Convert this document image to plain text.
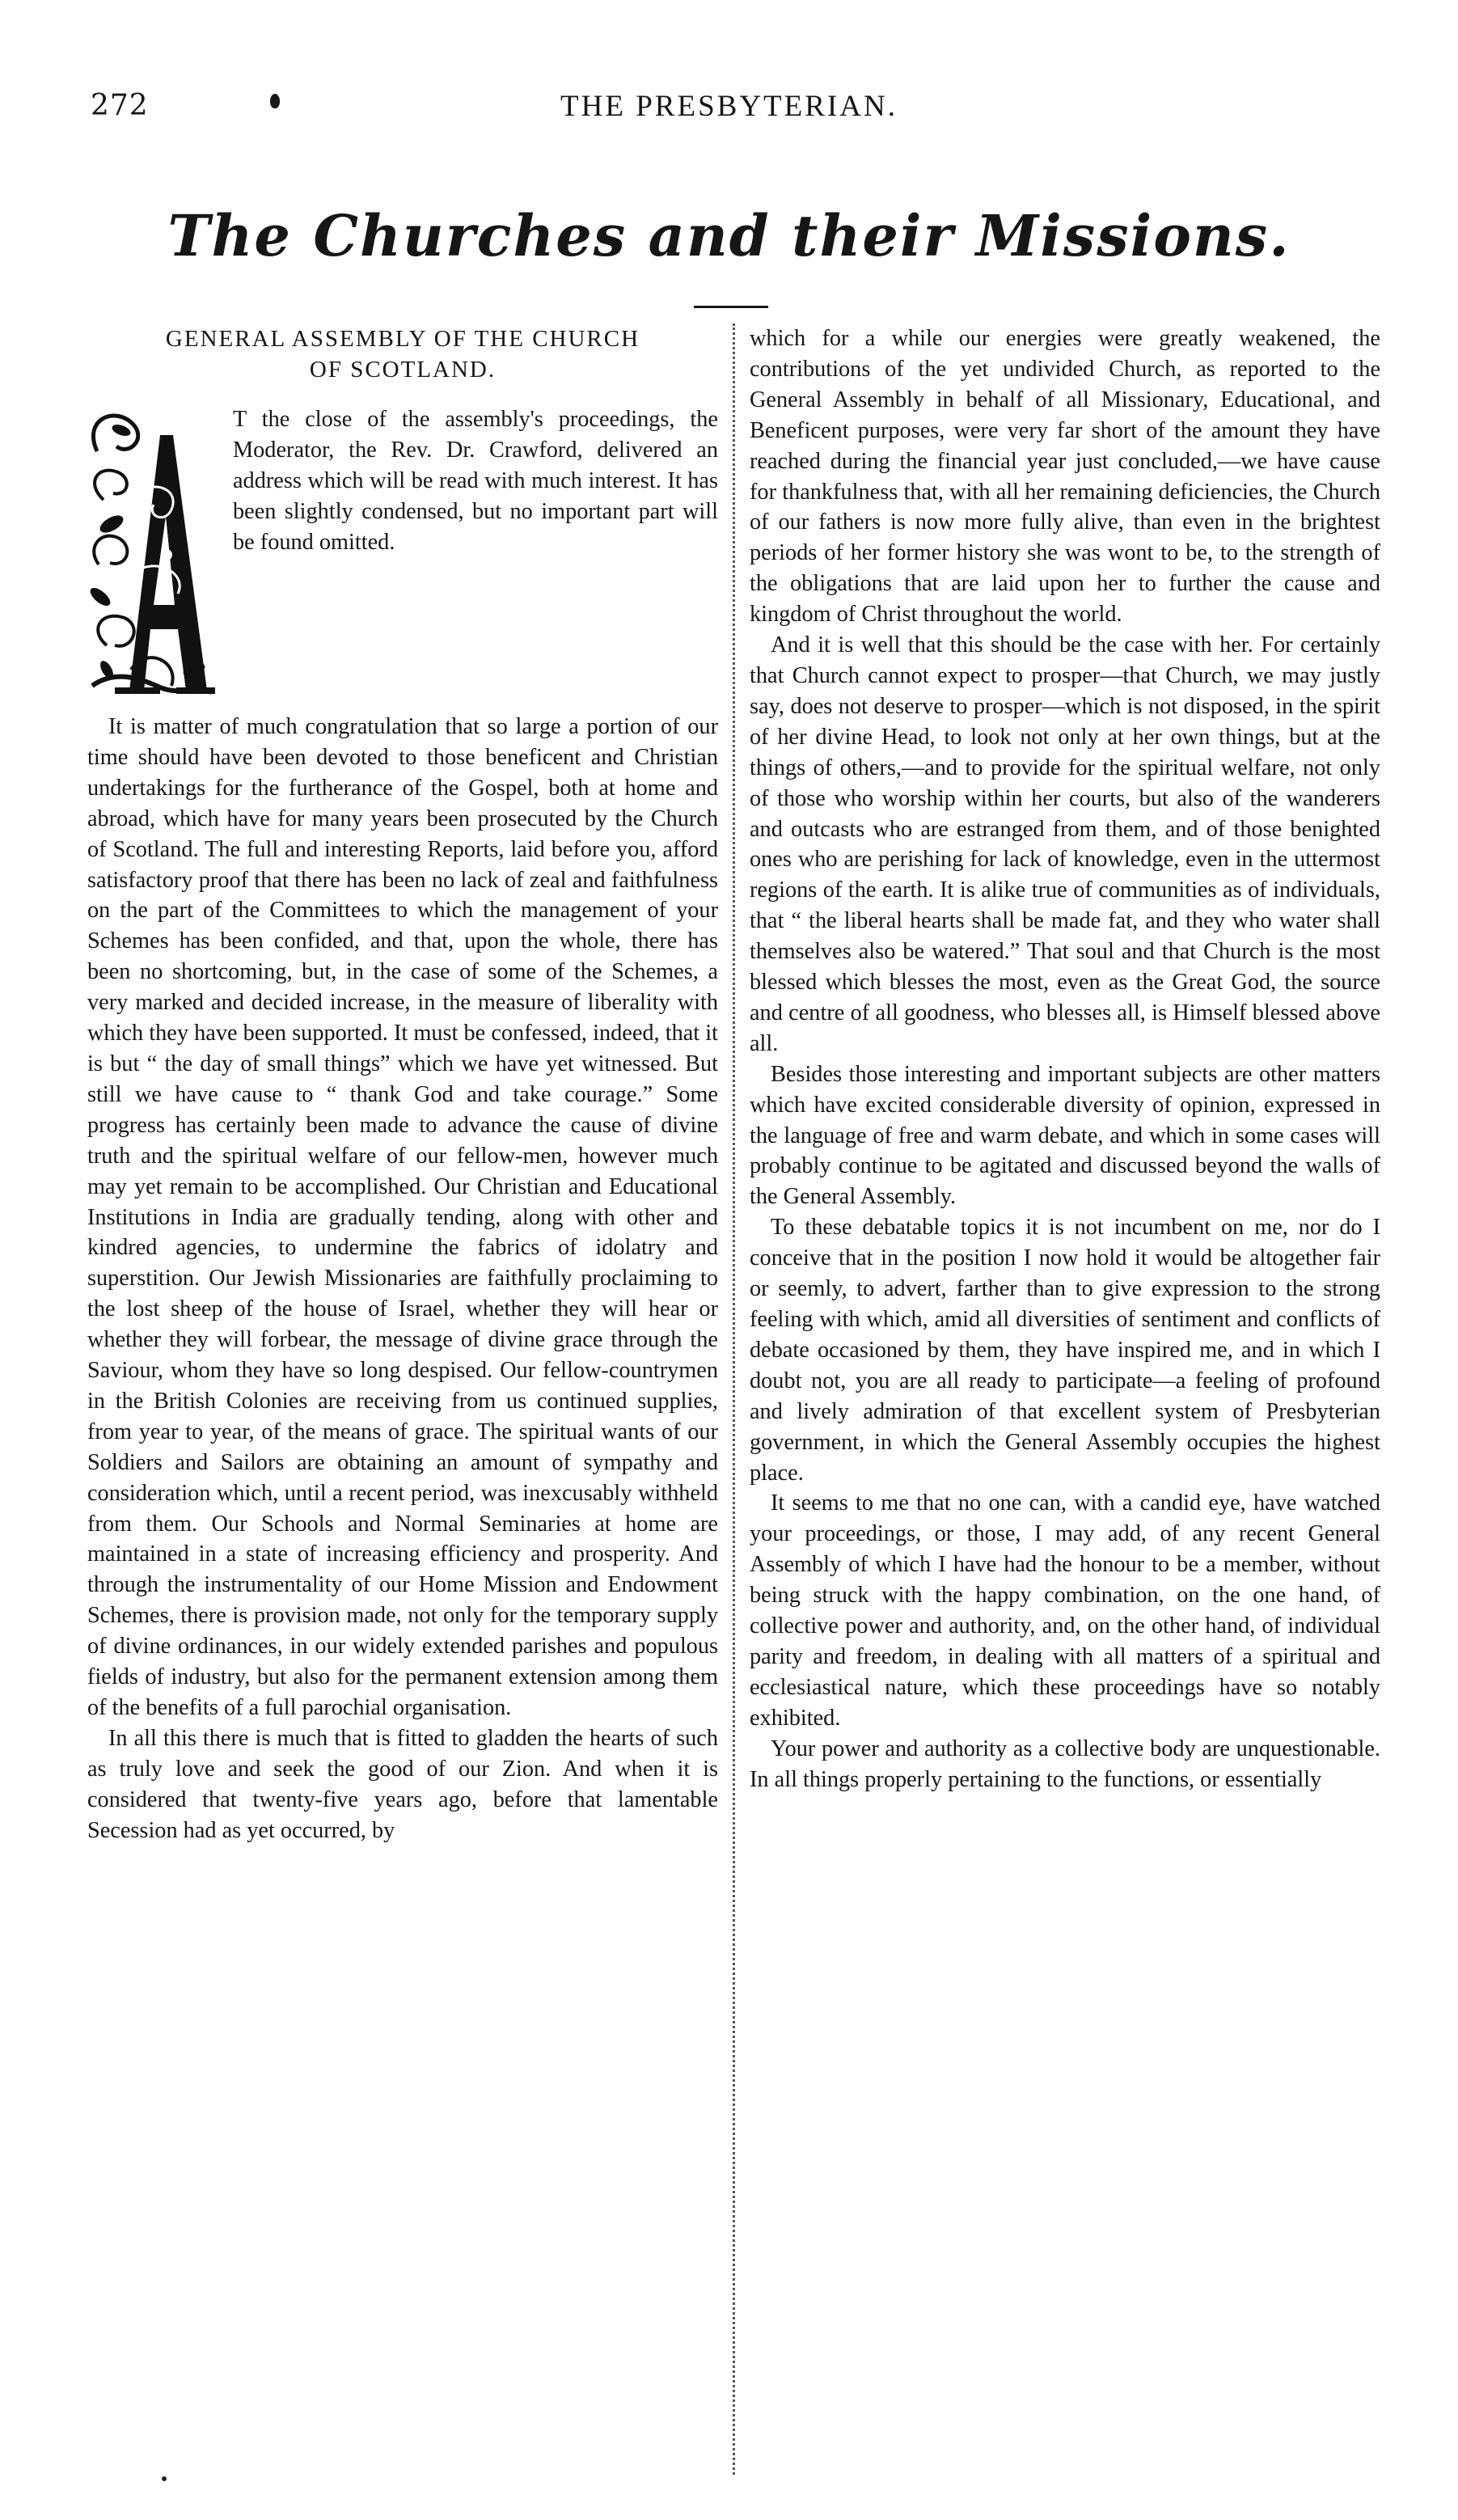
272	THE PRESBYTERIAN.
The Churches and their Missions.
GENERAL ASSEMBLY OF THE CHURCH
OF SCOTLAND.

T the close of the assembly's proceedings, the Moderator, the Rev. Dr. Crawford, delivered an address which will be read with much interest. It has been slightly condensed, but no important part will be found omitted.

It is matter of much congratulation that so large a portion of our time should have been devoted to those beneficent and Christian undertakings for the furtherance of the Gospel, both at home and abroad, which have for many years been prosecuted by the Church of Scotland. The full and interesting Reports, laid before you, afford satisfactory proof that there has been no lack of zeal and faithfulness on the part of the Committees to which the management of your Schemes has been confided, and that, upon the whole, there has been no shortcoming, but, in the case of some of the Schemes, a very marked and decided increase, in the measure of liberality with which they have been supported. It must be confessed, indeed, that it is but “ the day of small things” which we have yet witnessed. But still we have cause to “ thank God and take courage.” Some progress has certainly been made to advance the cause of divine truth and the spiritual welfare of our fellow-men, however much may yet remain to be accomplished. Our Christian and Educational Institutions in India are gradually tending, along with other and kindred agencies, to undermine the fabrics of idolatry and superstition. Our Jewish Missionaries are faithfully proclaiming to the lost sheep of the house of Israel, whether they will hear or whether they will forbear, the message of divine grace through the Saviour, whom they have so long despised. Our fellow-countrymen in the British Colonies are receiving from us continued supplies, from year to year, of the means of grace. The spiritual wants of our Soldiers and Sailors are obtaining an amount of sympathy and consideration which, until a recent period, was inexcusably withheld from them. Our Schools and Normal Seminaries at home are maintained in a state of increasing efficiency and prosperity. And through the instrumentality of our Home Mission and Endowment Schemes, there is provision made, not only for the temporary supply of divine ordinances, in our widely extended parishes and populous fields of industry, but also for the permanent extension among them of the benefits of a full parochial organisation.

In all this there is much that is fitted to gladden the hearts of such as truly love and seek the good of our Zion. And when it is considered that twenty-five years ago, before that lamentable Secession had as yet occurred, by

which for a while our energies were greatly weakened, the contributions of the yet undivided Church, as reported to the General Assembly in behalf of all Missionary, Educational, and Beneficent purposes, were very far short of the amount they have reached during the financial year just concluded,—we have cause for thankfulness that, with all her remaining deficiencies, the Church of our fathers is now more fully alive, than even in the brightest periods of her former history she was wont to be, to the strength of the obligations that are laid upon her to further the cause and kingdom of Christ throughout the world.

And it is well that this should be the case with her. For certainly that Church cannot expect to prosper—that Church, we may justly say, does not deserve to prosper—which is not disposed, in the spirit of her divine Head, to look not only at her own things, but at the things of others,—and to provide for the spiritual welfare, not only of those who worship within her courts, but also of the wanderers and outcasts who are estranged from them, and of those benighted ones who are perishing for lack of knowledge, even in the uttermost regions of the earth. It is alike true of communities as of individuals, that “ the liberal hearts shall be made fat, and they who water shall themselves also be watered.” That soul and that Church is the most blessed which blesses the most, even as the Great God, the source and centre of all goodness, who blesses all, is Himself blessed above all.

Besides those interesting and important subjects are other matters which have excited considerable diversity of opinion, expressed in the language of free and warm debate, and which in some cases will probably continue to be agitated and discussed beyond the walls of the General Assembly.

To these debatable topics it is not incumbent on me, nor do I conceive that in the position I now hold it would be altogether fair or seemly, to advert, farther than to give expression to the strong feeling with which, amid all diversities of sentiment and conflicts of debate occasioned by them, they have inspired me, and in which I doubt not, you are all ready to participate—a feeling of profound and lively admiration of that excellent system of Presbyterian government, in which the General Assembly occupies the highest place.

It seems to me that no one can, with a candid eye, have watched your proceedings, or those, I may add, of any recent General Assembly of which I have had the honour to be a member, without being struck with the happy combination, on the one hand, of collective power and authority, and, on the other hand, of individual parity and freedom, in dealing with all matters of a spiritual and ecclesiastical nature, which these proceedings have so notably exhibited.

Your power and authority as a collective body are unquestionable. In all things properly pertaining to the functions, or essentially
